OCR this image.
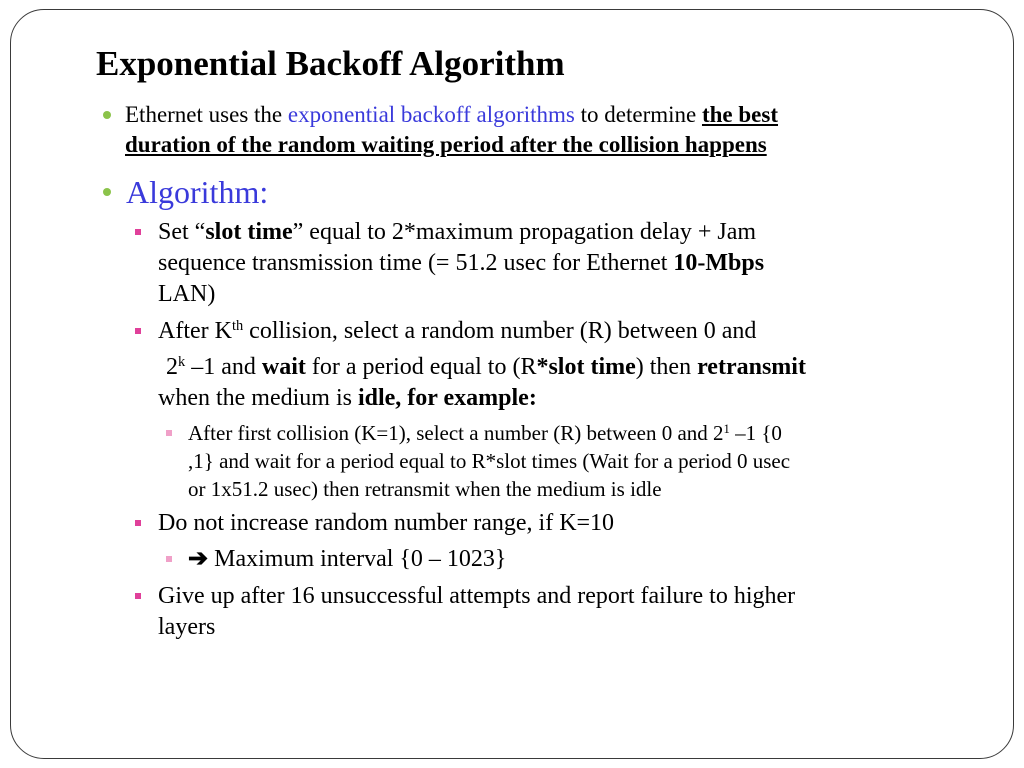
Exponential Backoff Algorithm
Ethernet uses the exponential backoff algorithms to determine the best
duration of the random waiting period after the collision happens
Algorithm:
Set “slot time” equal to 2*maximum propagation delay + Jam
sequence transmission time (= 51.2 usec for Ethernet 10-Mbps
LAN)
After $K^{th}$ collision, select a random number (R) between 0 and
2$^k$ –1 and wait for a period equal to (R*slot time) then retransmit
when the medium is idle, for example:
After first collision (K=1), select a number (R) between 0 and $2^1$ –1 {0
,1} and wait for a period equal to R*slot times (Wait for a period 0 usec
or 1x51.2 usec) then retransmit when the medium is idle
Do not increase random number range, if K=10
➔ Maximum interval {0 – 1023}
Give up after 16 unsuccessful attempts and report failure to higher
layers
